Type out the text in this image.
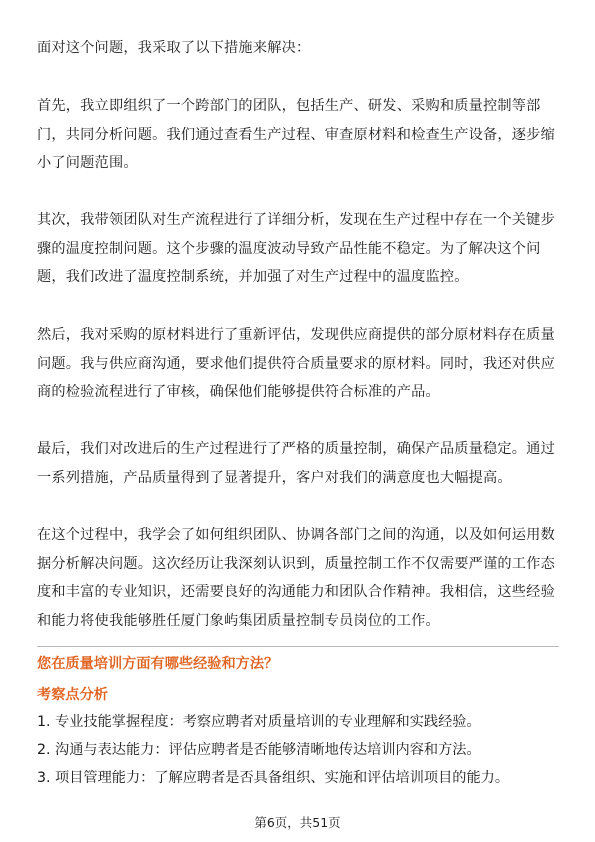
面对这个问题，我采取了以下措施来解决：

首先，我立即组织了一个跨部门的团队，包括生产、研发、采购和质量控制等部
门，共同分析问题。我们通过查看生产过程、审查原材料和检查生产设备，逐步缩
小了问题范围。

其次，我带领团队对生产流程进行了详细分析，发现在生产过程中存在一个关键步
骤的温度控制问题。这个步骤的温度波动导致产品性能不稳定。为了解决这个问
题，我们改进了温度控制系统，并加强了对生产过程中的温度监控。

然后，我对采购的原材料进行了重新评估，发现供应商提供的部分原材料存在质量
问题。我与供应商沟通，要求他们提供符合质量要求的原材料。同时，我还对供应
商的检验流程进行了审核，确保他们能够提供符合标准的产品。

最后，我们对改进后的生产过程进行了严格的质量控制，确保产品质量稳定。通过
一系列措施，产品质量得到了显著提升，客户对我们的满意度也大幅提高。

在这个过程中，我学会了如何组织团队、协调各部门之间的沟通，以及如何运用数
据分析解决问题。这次经历让我深刻认识到，质量控制工作不仅需要严谨的工作态
度和丰富的专业知识，还需要良好的沟通能力和团队合作精神。我相信，这些经验
和能力将使我能够胜任厦门象屿集团质量控制专员岗位的工作。

您在质量培训方面有哪些经验和方法？

考察点分析

1. 专业技能掌握程度：考察应聘者对质量培训的专业理解和实践经验。

2. 沟通与表达能力：评估应聘者是否能够清晰地传达培训内容和方法。

3. 项目管理能力：了解应聘者是否具备组织、实施和评估培训项目的能力。

第6页，共51页
